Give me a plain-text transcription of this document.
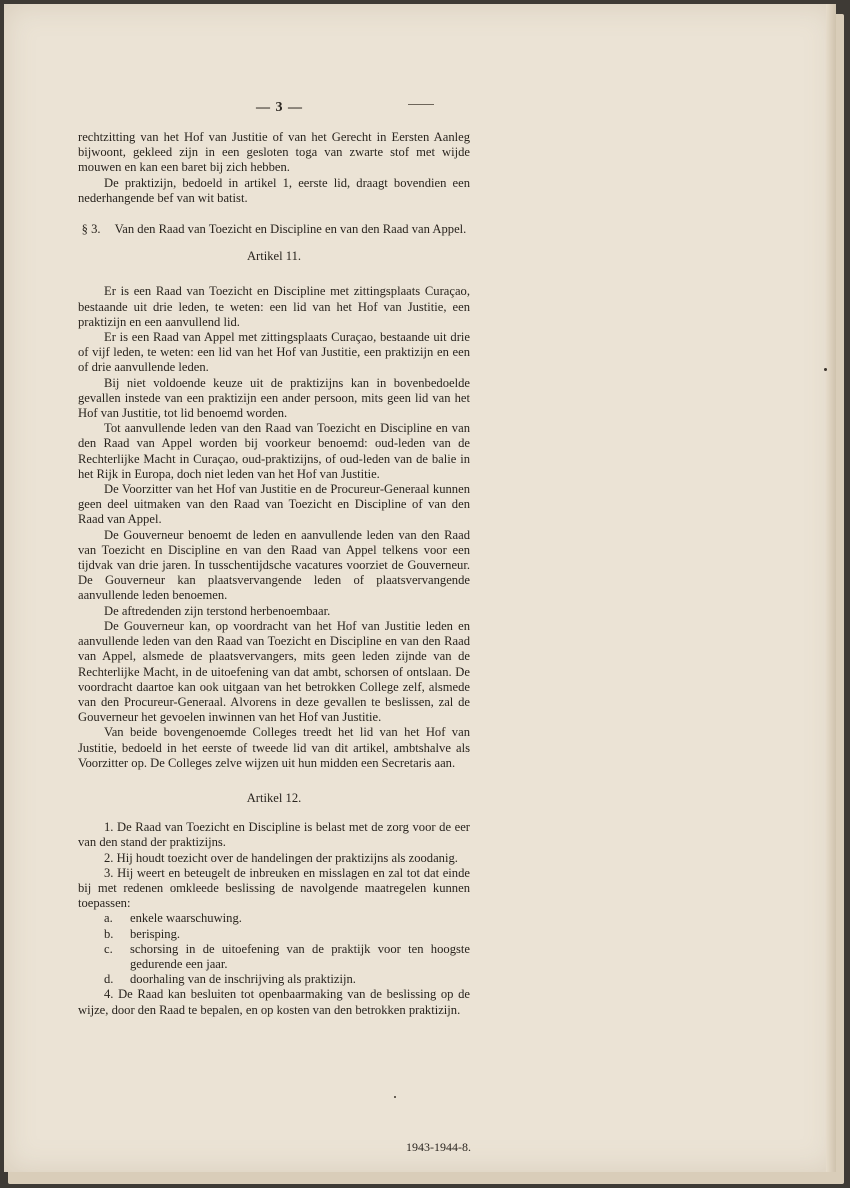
— 3 —

rechtzitting van het Hof van Justitie of van het Gerecht in Eersten Aanleg bijwoont, gekleed zijn in een gesloten toga van zwarte stof met wijde mouwen en kan een baret bij zich hebben.

De praktizijn, bedoeld in artikel 1, eerste lid, draagt bovendien een nederhangende bef van wit batist.

§ 3. Van den Raad van Toezicht en Discipline en van den Raad van Appel.

Artikel 11.

Er is een Raad van Toezicht en Discipline met zittingsplaats Curaçao, bestaande uit drie leden, te weten: een lid van het Hof van Justitie, een praktizijn en een aanvullend lid.

Er is een Raad van Appel met zittingsplaats Curaçao, bestaande uit drie of vijf leden, te weten: een lid van het Hof van Justitie, een praktizijn en een of drie aanvullende leden.

Bij niet voldoende keuze uit de praktizijns kan in bovenbedoelde gevallen instede van een praktizijn een ander persoon, mits geen lid van het Hof van Justitie, tot lid benoemd worden.

Tot aanvullende leden van den Raad van Toezicht en Discipline en van den Raad van Appel worden bij voorkeur benoemd: oud-leden van de Rechterlijke Macht in Curaçao, oud-praktizijns, of oud-leden van de balie in het Rijk in Europa, doch niet leden van het Hof van Justitie.

De Voorzitter van het Hof van Justitie en de Procureur-Generaal kunnen geen deel uitmaken van den Raad van Toezicht en Discipline of van den Raad van Appel.

De Gouverneur benoemt de leden en aanvullende leden van den Raad van Toezicht en Discipline en van den Raad van Appel telkens voor een tijdvak van drie jaren. In tusschentijdsche vacatures voorziet de Gouverneur. De Gouverneur kan plaatsvervangende leden of plaatsvervangende aanvullende leden benoemen.

De aftredenden zijn terstond herbenoembaar.

De Gouverneur kan, op voordracht van het Hof van Justitie leden en aanvullende leden van den Raad van Toezicht en Discipline en van den Raad van Appel, alsmede de plaatsvervangers, mits geen leden zijnde van de Rechterlijke Macht, in de uitoefening van dat ambt, schorsen of ontslaan. De voordracht daartoe kan ook uitgaan van het betrokken College zelf, alsmede van den Procureur-Generaal. Alvorens in deze gevallen te beslissen, zal de Gouverneur het gevoelen inwinnen van het Hof van Justitie.

Van beide bovengenoemde Colleges treedt het lid van het Hof van Justitie, bedoeld in het eerste of tweede lid van dit artikel, ambtshalve als Voorzitter op. De Colleges zelve wijzen uit hun midden een Secretaris aan.

Artikel 12.

1. De Raad van Toezicht en Discipline is belast met de zorg voor de eer van den stand der praktizijns.

2. Hij houdt toezicht over de handelingen der praktizijns als zoodanig.

3. Hij weert en beteugelt de inbreuken en misslagen en zal tot dat einde bij met redenen omkleede beslissing de navolgende maatregelen kunnen toepassen:

a.	enkele waarschuwing.
b.	berisping.
c.	schorsing in de uitoefening van de praktijk voor ten hoogste gedurende een jaar.
d.	doorhaling van de inschrijving als praktizijn.

4. De Raad kan besluiten tot openbaarmaking van de beslissing op de wijze, door den Raad te bepalen, en op kosten van den betrokken praktizijn.

1943-1944-8.
